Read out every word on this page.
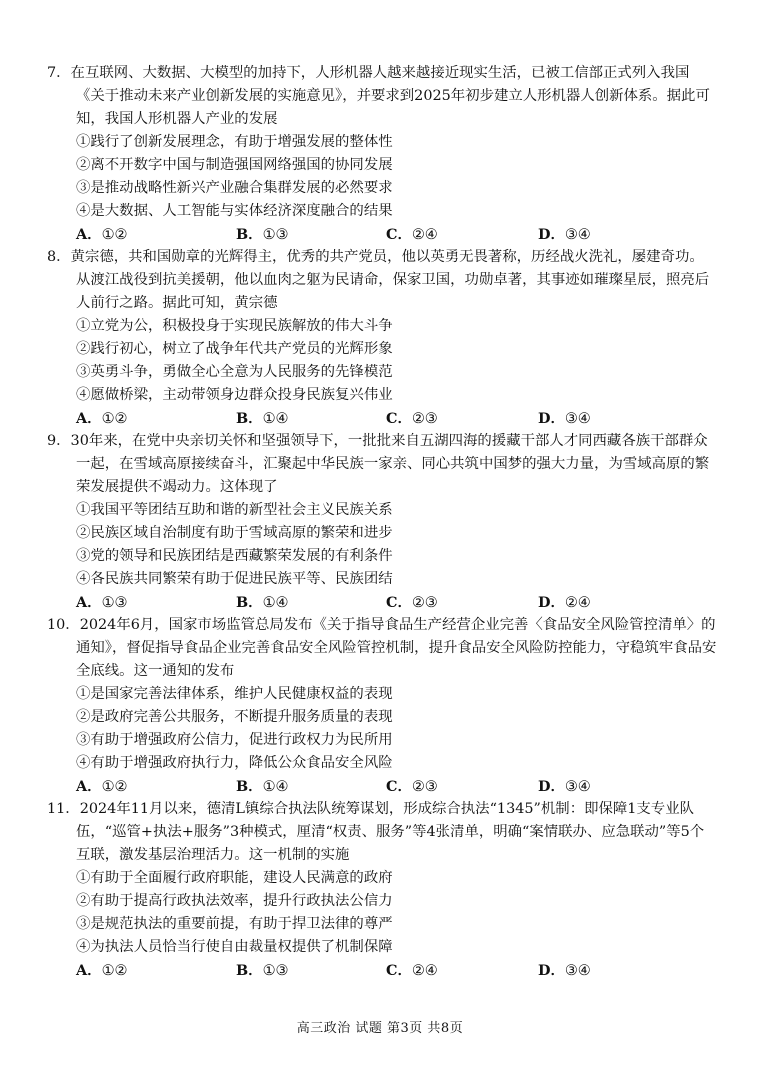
7．在互联网、大数据、大模型的加持下，人形机器人越来越接近现实生活，已被工信部正式列入我国《关于推动未来产业创新发展的实施意见》，并要求到2025年初步建立人形机器人创新体系。据此可知，我国人形机器人产业的发展
①践行了创新发展理念，有助于增强发展的整体性
②离不开数字中国与制造强国网络强国的协同发展
③是推动战略性新兴产业融合集群发展的必然要求
④是大数据、人工智能与实体经济深度融合的结果
A．①②	B．①③	C．②④	D．③④
8．黄宗德，共和国勋章的光辉得主，优秀的共产党员，他以英勇无畏著称，历经战火洗礼，屡建奇功。从渡江战役到抗美援朝，他以血肉之躯为民请命，保家卫国，功勋卓著，其事迹如璀璨星辰，照亮后人前行之路。据此可知，黄宗德
①立党为公，积极投身于实现民族解放的伟大斗争
②践行初心，树立了战争年代共产党员的光辉形象
③英勇斗争，勇做全心全意为人民服务的先锋模范
④愿做桥梁，主动带领身边群众投身民族复兴伟业
A．①②	B．①④	C．②③	D．③④
9．30年来，在党中央亲切关怀和坚强领导下，一批批来自五湖四海的援藏干部人才同西藏各族干部群众一起，在雪域高原接续奋斗，汇聚起中华民族一家亲、同心共筑中国梦的强大力量，为雪域高原的繁荣发展提供不竭动力。这体现了
①我国平等团结互助和谐的新型社会主义民族关系
②民族区域自治制度有助于雪域高原的繁荣和进步
③党的领导和民族团结是西藏繁荣发展的有利条件
④各民族共同繁荣有助于促进民族平等、民族团结
A．①③	B．①④	C．②③	D．②④
10．2024年6月，国家市场监管总局发布《关于指导食品生产经营企业完善〈食品安全风险管控清单〉的通知》，督促指导食品企业完善食品安全风险管控机制，提升食品安全风险防控能力，守稳筑牢食品安全底线。这一通知的发布
①是国家完善法律体系，维护人民健康权益的表现
②是政府完善公共服务，不断提升服务质量的表现
③有助于增强政府公信力，促进行政权力为民所用
④有助于增强政府执行力，降低公众食品安全风险
A．①②	B．①④	C．②③	D．③④
11．2024年11月以来，德清L镇综合执法队统筹谋划，形成综合执法“1345”机制：即保障1支专业队伍，“巡管+执法+服务”3种模式，厘清“权责、服务”等4张清单，明确“案情联办、应急联动”等5个互联，激发基层治理活力。这一机制的实施
①有助于全面履行政府职能，建设人民满意的政府
②有助于提高行政执法效率，提升行政执法公信力
③是规范执法的重要前提，有助于捍卫法律的尊严
④为执法人员恰当行使自由裁量权提供了机制保障
A．①②	B．①③	C．②④	D．③④
高三政治 试题 第3页 共8页
